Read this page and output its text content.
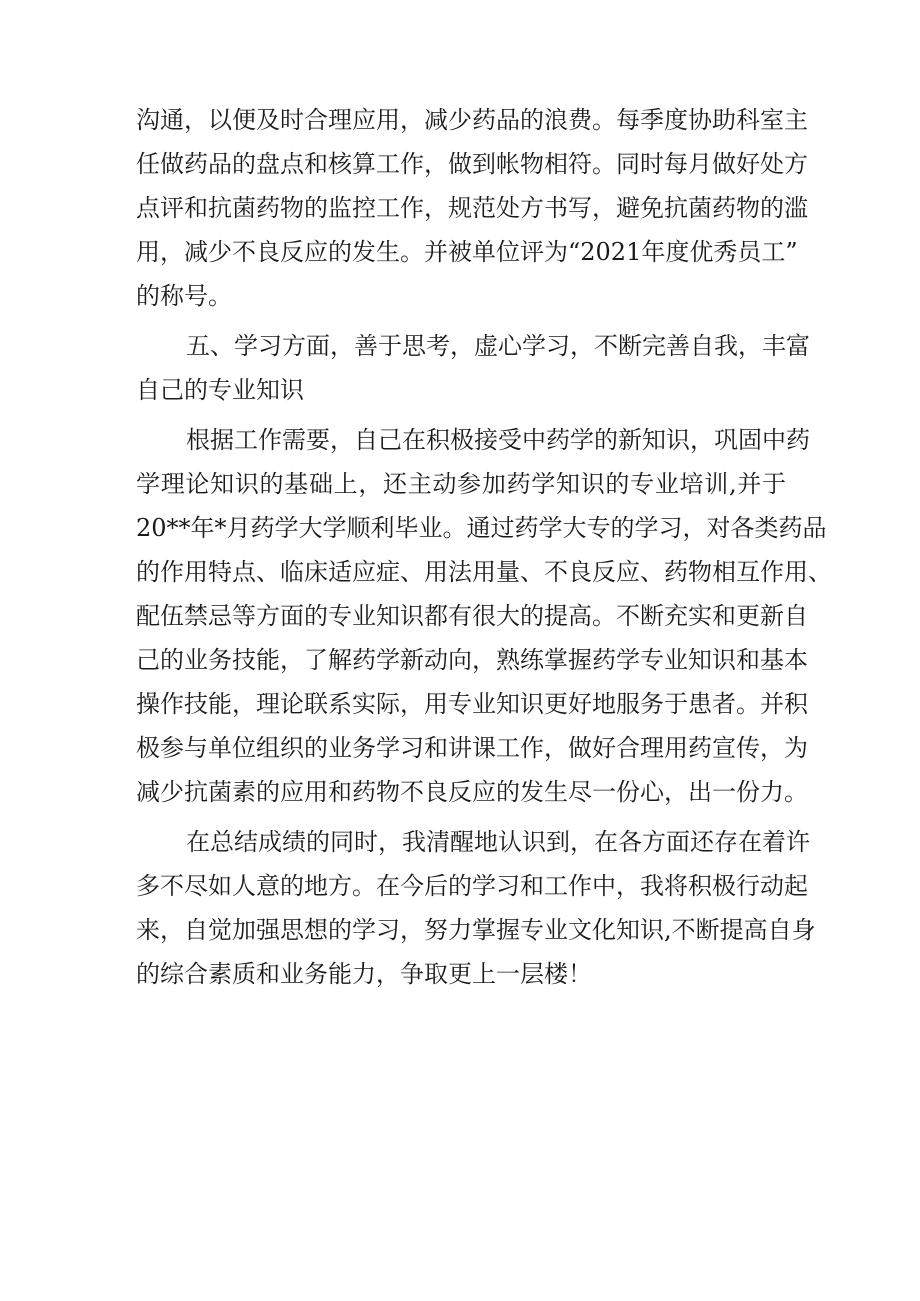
沟通，以便及时合理应用，减少药品的浪费。每季度协助科室主
任做药品的盘点和核算工作，做到帐物相符。同时每月做好处方
点评和抗菌药物的监控工作，规范处方书写，避免抗菌药物的滥
用，减少不良反应的发生。并被单位评为“2021年度优秀员工”
的称号。
五、学习方面，善于思考，虚心学习，不断完善自我，丰富
自己的专业知识
根据工作需要，自己在积极接受中药学的新知识，巩固中药
学理论知识的基础上，还主动参加药学知识的专业培训,并于
20**年*月药学大学顺利毕业。通过药学大专的学习，对各类药品
的作用特点、临床适应症、用法用量、不良反应、药物相互作用、
配伍禁忌等方面的专业知识都有很大的提高。不断充实和更新自
己的业务技能，了解药学新动向，熟练掌握药学专业知识和基本
操作技能，理论联系实际，用专业知识更好地服务于患者。并积
极参与单位组织的业务学习和讲课工作，做好合理用药宣传，为
减少抗菌素的应用和药物不良反应的发生尽一份心，出一份力。
在总结成绩的同时，我清醒地认识到，在各方面还存在着许
多不尽如人意的地方。在今后的学习和工作中，我将积极行动起
来，自觉加强思想的学习，努力掌握专业文化知识,不断提高自身
的综合素质和业务能力，争取更上一层楼！
